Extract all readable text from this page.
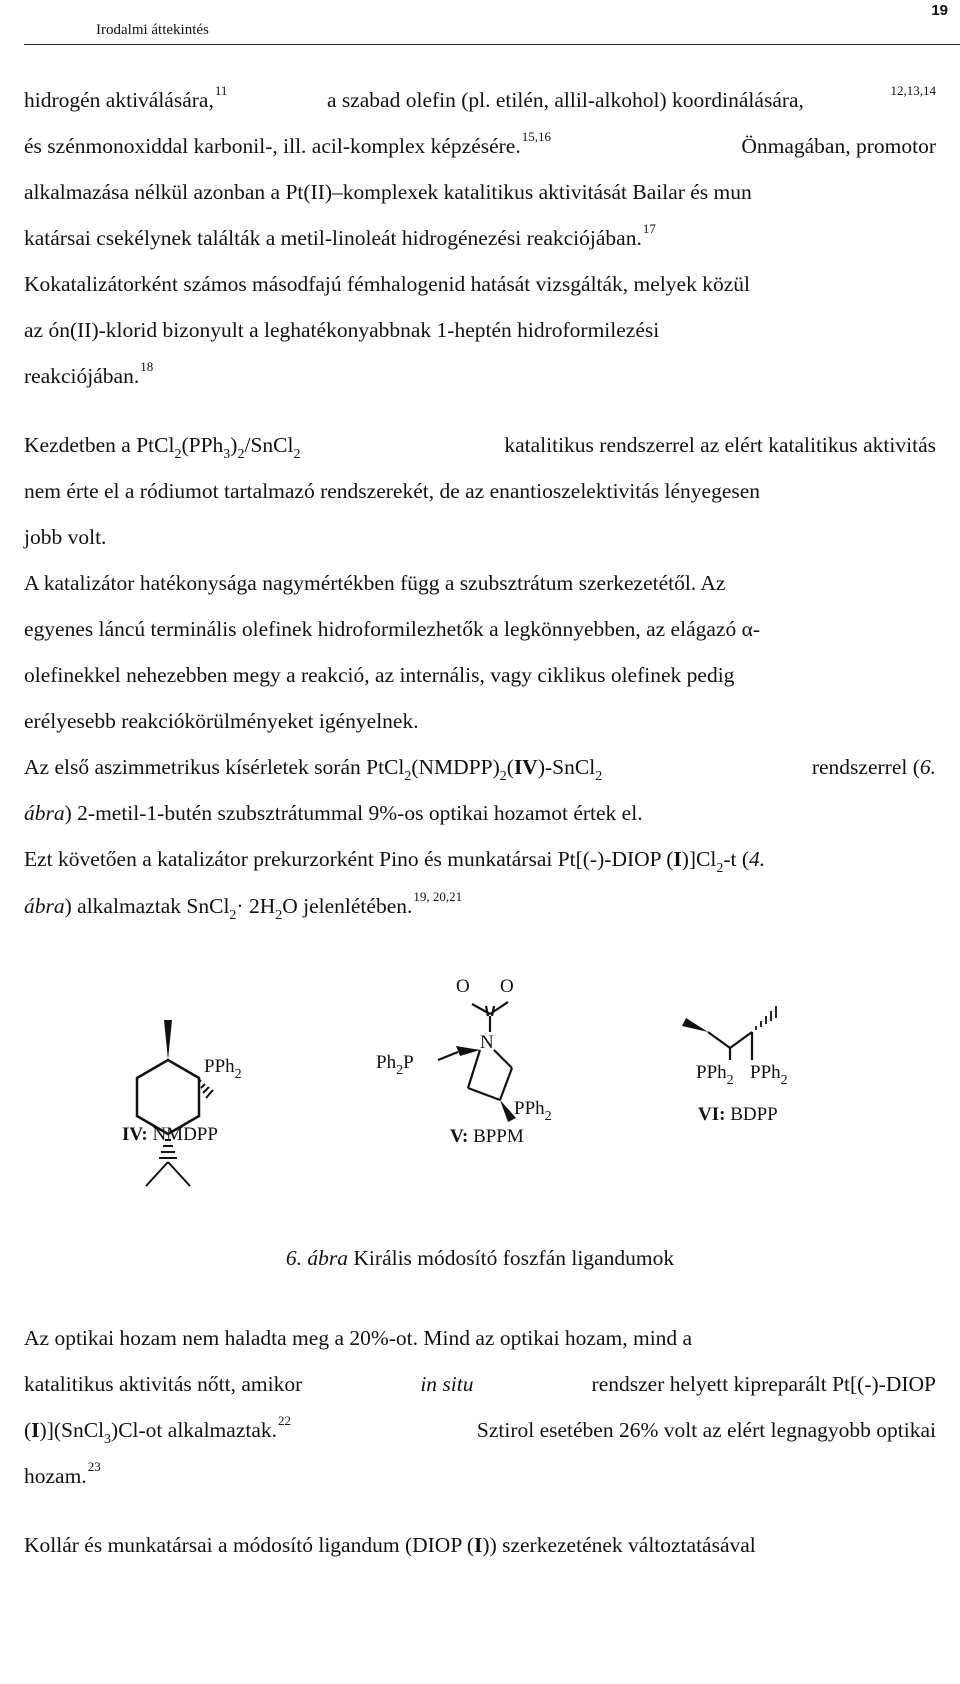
Irodalmi áttekintés
19
hidrogén aktiválására,$^{11}$	a szabad olefin (pl. etilén, allil-alkohol) koordinálására,	$^{12,13,14}$
és szénmonoxiddal karbonil-, ill. acil-komplex képzésére.$^{15,16}$	Önmagában, promotor
alkalmazása nélkül azonban a Pt(II)–komplexek katalitikus aktivitását Bailar és mun
katársai csekélynek találták a metil-linoleát hidrogénezési reakciójában.$^{17}$
Kokatalizátorként számos másodfajú fémhalogenid hatását vizsgálták, melyek közül
az ón(II)-klorid bizonyult a leghatékonyabbnak 1-heptén hidroformilezési
reakciójában.$^{18}$
Kezdetben a $PtCl_2(PPh_3)_2/SnCl_2$	katalitikus rendszerrel az elért katalitikus aktivitás
nem érte el a ródiumot tartalmazó rendszerekét, de az enantioszelektivitás lényegesen
jobb volt.
A katalizátor hatékonysága nagymértékben függ a szubsztrátum szerkezetétől. Az
egyenes láncú terminális olefinek hidroformilezhetők a legkönnyebben, az elágazó α-
olefinekkel nehezebben megy a reakció, az internális, vagy ciklikus olefinek pedig
erélyesebb reakciókörülményeket igényelnek.
Az első aszimmetrikus kísérletek során $PtCl_2(NMDPP)_2(IV)-SnCl_2$	rendszerrel (6.
ábra) 2-metil-1-butén szubsztrátummal 9%-os optikai hozamot értek el.
Ezt követően a katalizátor prekurzorként Pino és munkatársai Pt[(-)-DIOP $(I)]Cl_2-t$ (4.
ábra) alkalmaztak SnCl$_2$· $2H_2O$ jelenlétében.$^{19, 20,21}$
PPh$_2$
IV: NMDPP
O O
N
$Ph_2P$
PPh$_2$
V: BPPM
PPh$_2$ PPh$_2$
VI: BDPP
6. ábra Királis módosító foszfán ligandumok
Az optikai hozam nem haladta meg a 20%-ot. Mind az optikai hozam, mind a
katalitikus aktivitás nőtt, amikor	in situ	rendszer helyett kipreparált Pt[(-)-DIOP
(I)](SnCl$_3$)Cl-ot alkalmaztak.$^{22}$	Sztirol esetében 26% volt az elért legnagyobb optikai
hozam.$^{23}$
Kollár és munkatársai a módosító ligandum (DIOP (I)) szerkezetének változtatásával
